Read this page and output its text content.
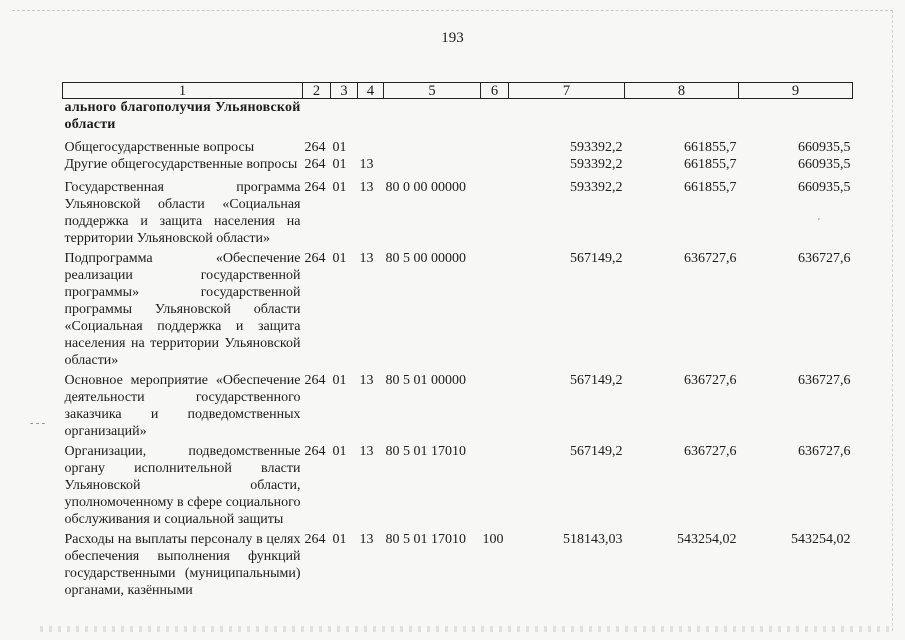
193
1	2	3	4	5	6	7	8	9
ального благополучия Ульяновской области								
Общегосударственные вопросы	264	01				593392,2	661855,7	660935,5
Другие общегосударственные вопросы	264	01	13			593392,2	661855,7	660935,5
Государственная программа Ульяновской области «Социальная поддержка и защита населения на территории Ульяновской области»	264	01	13	80 0 00 00000		593392,2	661855,7	660935,5
Подпрограмма «Обеспечение реализации государственной программы» государственной программы Ульяновской области «Социальная поддержка и защита населения на территории Ульяновской области»	264	01	13	80 5 00 00000		567149,2	636727,6	636727,6
Основное мероприятие «Обеспечение деятельности государственного заказчика и подведомственных организаций»	264	01	13	80 5 01 00000		567149,2	636727,6	636727,6
Организации, подведомственные органу исполнительной власти Ульяновской области, уполномоченному в сфере социального обслуживания и социальной защиты	264	01	13	80 5 01 17010		567149,2	636727,6	636727,6
Расходы на выплаты персоналу в целях обеспечения выполнения функций государственными (муниципальными) органами, казёнными	264	01	13	80 5 01 17010	100	518143,03	543254,02	543254,02
- - -
'
